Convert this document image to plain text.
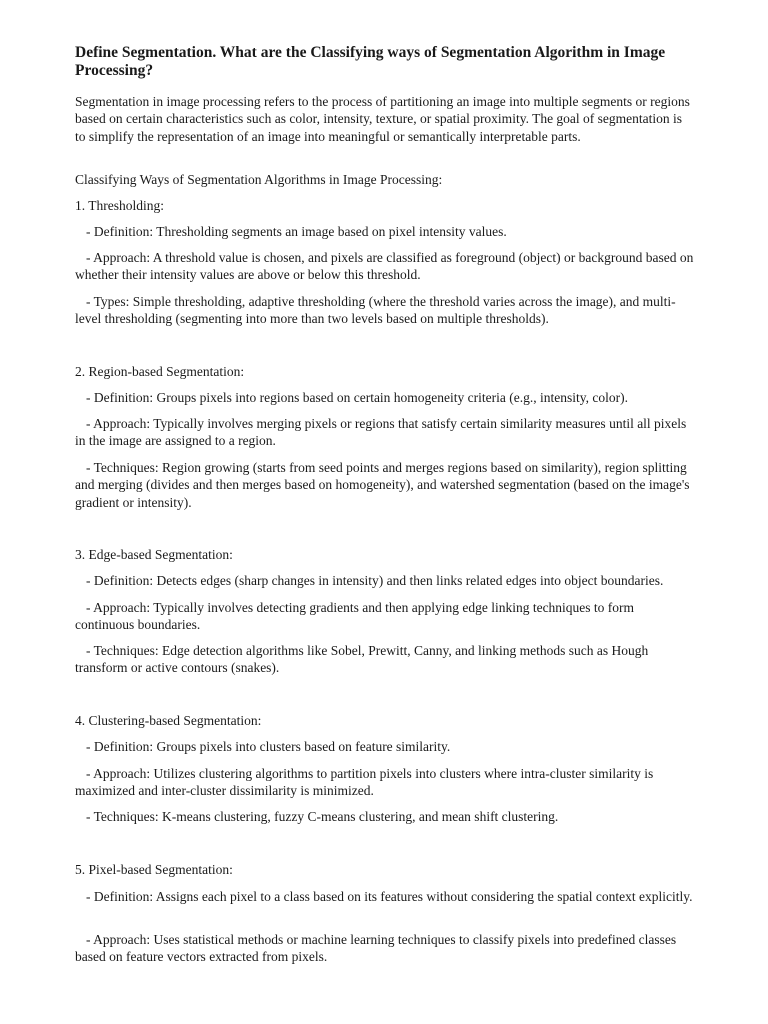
Define Segmentation. What are the Classifying ways of Segmentation Algorithm in Image Processing?

Segmentation in image processing refers to the process of partitioning an image into multiple segments or regions based on certain characteristics such as color, intensity, texture, or spatial proximity. The goal of segmentation is to simplify the representation of an image into meaningful or semantically interpretable parts.

Classifying Ways of Segmentation Algorithms in Image Processing:

1. Thresholding:

- Definition: Thresholding segments an image based on pixel intensity values.

- Approach: A threshold value is chosen, and pixels are classified as foreground (object) or background based on whether their intensity values are above or below this threshold.

- Types: Simple thresholding, adaptive thresholding (where the threshold varies across the image), and multi-level thresholding (segmenting into more than two levels based on multiple thresholds).

2. Region-based Segmentation:

- Definition: Groups pixels into regions based on certain homogeneity criteria (e.g., intensity, color).

- Approach: Typically involves merging pixels or regions that satisfy certain similarity measures until all pixels in the image are assigned to a region.

- Techniques: Region growing (starts from seed points and merges regions based on similarity), region splitting and merging (divides and then merges based on homogeneity), and watershed segmentation (based on the image's gradient or intensity).

3. Edge-based Segmentation:

- Definition: Detects edges (sharp changes in intensity) and then links related edges into object boundaries.

- Approach: Typically involves detecting gradients and then applying edge linking techniques to form continuous boundaries.

- Techniques: Edge detection algorithms like Sobel, Prewitt, Canny, and linking methods such as Hough transform or active contours (snakes).

4. Clustering-based Segmentation:

- Definition: Groups pixels into clusters based on feature similarity.

- Approach: Utilizes clustering algorithms to partition pixels into clusters where intra-cluster similarity is maximized and inter-cluster dissimilarity is minimized.

- Techniques: K-means clustering, fuzzy C-means clustering, and mean shift clustering.

5. Pixel-based Segmentation:

- Definition: Assigns each pixel to a class based on its features without considering the spatial context explicitly.

- Approach: Uses statistical methods or machine learning techniques to classify pixels into predefined classes based on feature vectors extracted from pixels.
